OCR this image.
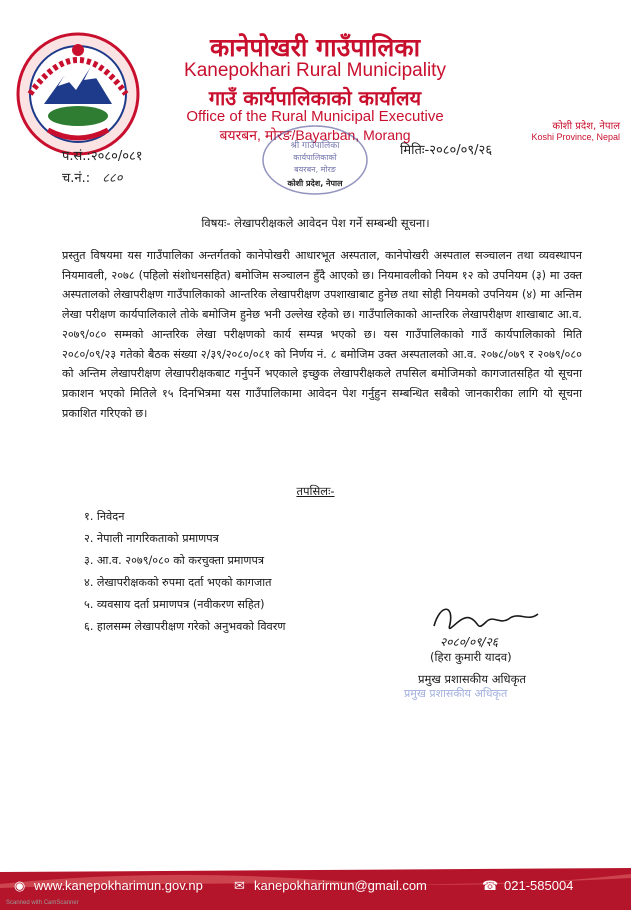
कानेपोखरी गाउँपालिका
Kanepokhari Rural Municipality
गाउँ कार्यपालिकाको कार्यालय
Office of the Rural Municipal Executive
बयरबन, मोरङ/Bayarban, Morang
कोशी प्रदेश, नेपाल
Koshi Province, Nepal
श्री गाउँपालिका
कार्यपालिकाको
बयरबन, मोरङ
कोशी प्रदेश, नेपाल
प.सं.:२०८०/०८१
च.नं.: ८८०
मितिः-२०८०/०९/२६
विषयः- लेखापरीक्षकले आवेदन पेश गर्ने सम्बन्धी सूचना।
प्रस्तुत विषयमा यस गाउँपालिका अन्तर्गतको कानेपोखरी आधारभूत अस्पताल, कानेपोखरी अस्पताल सञ्चालन तथा व्यवस्थापन नियमावली, २०७८ (पहिलो संशोधनसहित) बमोजिम सञ्चालन हुँदै आएको छ। नियमावलीको नियम १२ को उपनियम (३) मा उक्त अस्पतालको लेखापरीक्षण गाउँपालिकाको आन्तरिक लेखापरीक्षण उपशाखाबाट हुनेछ तथा सोही नियमको उपनियम (४) मा अन्तिम लेखा परीक्षण कार्यपालिकाले तोके बमोजिम हुनेछ भनी उल्लेख रहेको छ। गाउँपालिकाको आन्तरिक लेखापरीक्षण शाखाबाट आ.व. २०७९/०८० सम्मको आन्तरिक लेखा परीक्षणको कार्य सम्पन्न भएको छ। यस गाउँपालिकाको गाउँ कार्यपालिकाको मिति २०८०/०९/२३ गतेको बैठक संख्या २/३९/२०८०/०८१ को निर्णय नं. ८ बमोजिम उक्त अस्पतालको आ.व. २०७८/०७९ र २०७९/०८० को अन्तिम लेखापरीक्षण लेखापरीक्षकबाट गर्नुपर्ने भएकाले इच्छुक लेखापरीक्षकले तपसिल बमोजिमको कागजातसहित यो सूचना प्रकाशन भएको मितिले १५ दिनभित्रमा यस गाउँपालिकामा आवेदन पेश गर्नुहुन सम्बन्धित सबैको जानकारीका लागि यो सूचना प्रकाशित गरिएको छ।
तपसिलः-
१. निवेदन
२. नेपाली नागरिकताको प्रमाणपत्र
३. आ.व. २०७९/०८० को करचुक्ता प्रमाणपत्र
४. लेखापरीक्षकको रुपमा दर्ता भएको कागजात
५. व्यवसाय दर्ता प्रमाणपत्र (नवीकरण सहित)
६. हालसम्म लेखापरीक्षण गरेको अनुभवको विवरण
२०८०/०९/२६
(हिरा कुमारी यादव)
प्रमुख प्रशासकीय अधिकृत
प्रमुख प्रशासकीय अधिकृत
◉ www.kanepokharimun.gov.np ✉ kanepokharirmun@gmail.com	☎ 021-585004
Scanned with CamScanner
